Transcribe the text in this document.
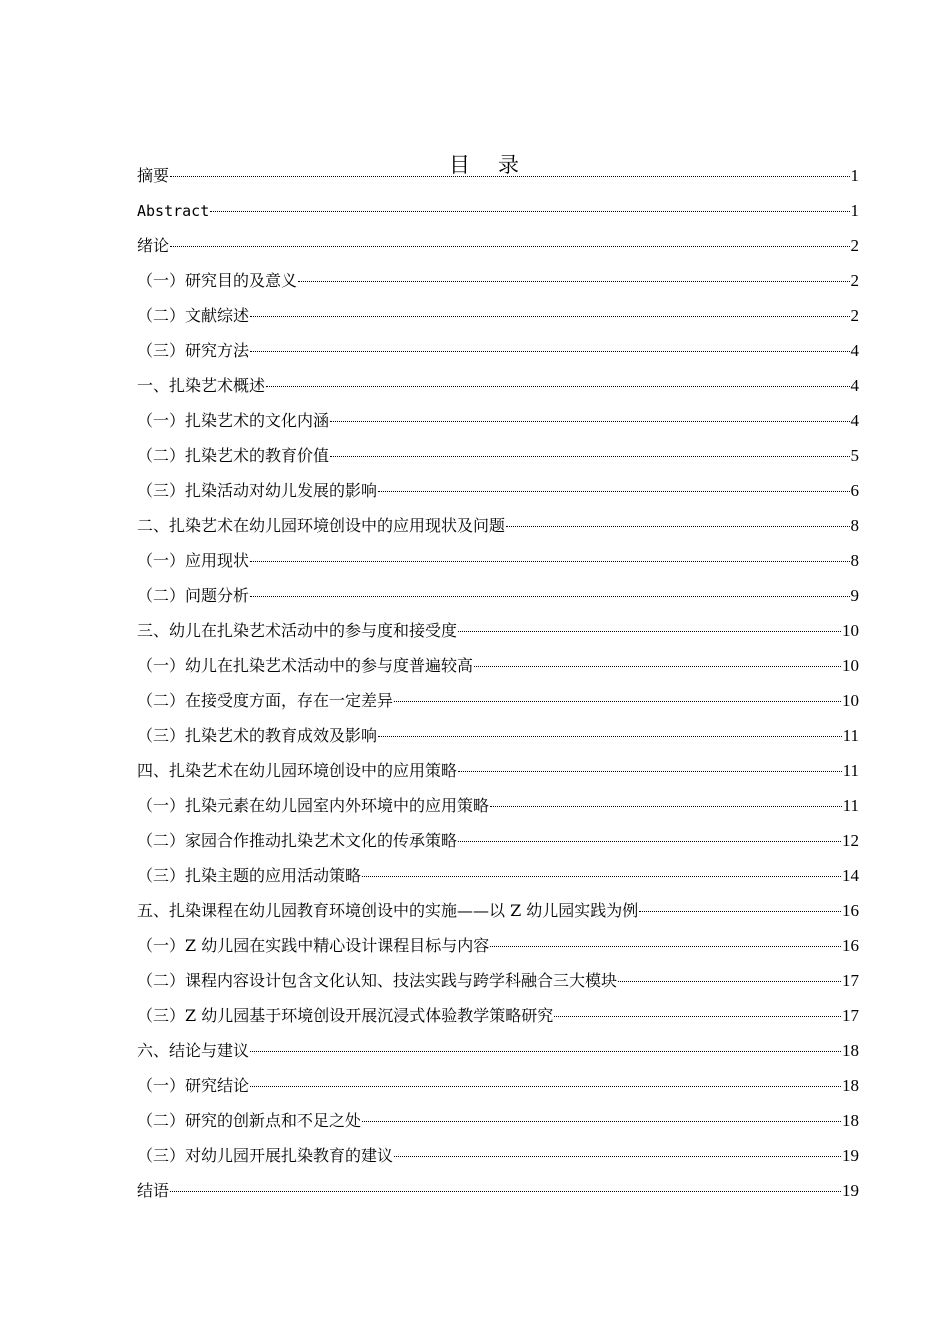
目录
摘要	1
Abstract	1
绪论	2
（一）研究目的及意义	2
（二）文献综述	2
（三）研究方法	4
一、扎染艺术概述	4
（一）扎染艺术的文化内涵	4
（二）扎染艺术的教育价值	5
（三）扎染活动对幼儿发展的影响	6
二、扎染艺术在幼儿园环境创设中的应用现状及问题	8
（一）应用现状	8
（二）问题分析	9
三、幼儿在扎染艺术活动中的参与度和接受度	10
（一）幼儿在扎染艺术活动中的参与度普遍较高	10
（二）在接受度方面，存在一定差异	10
（三）扎染艺术的教育成效及影响	11
四、扎染艺术在幼儿园环境创设中的应用策略	11
（一）扎染元素在幼儿园室内外环境中的应用策略	11
（二）家园合作推动扎染艺术文化的传承策略	12
（三）扎染主题的应用活动策略	14
五、扎染课程在幼儿园教育环境创设中的实施——以 Z 幼儿园实践为例	16
（一）Z 幼儿园在实践中精心设计课程目标与内容	16
（二）课程内容设计包含文化认知、技法实践与跨学科融合三大模块	17
（三）Z 幼儿园基于环境创设开展沉浸式体验教学策略研究	17
六、结论与建议	18
（一）研究结论	18
（二）研究的创新点和不足之处	18
（三）对幼儿园开展扎染教育的建议	19
结语	19
